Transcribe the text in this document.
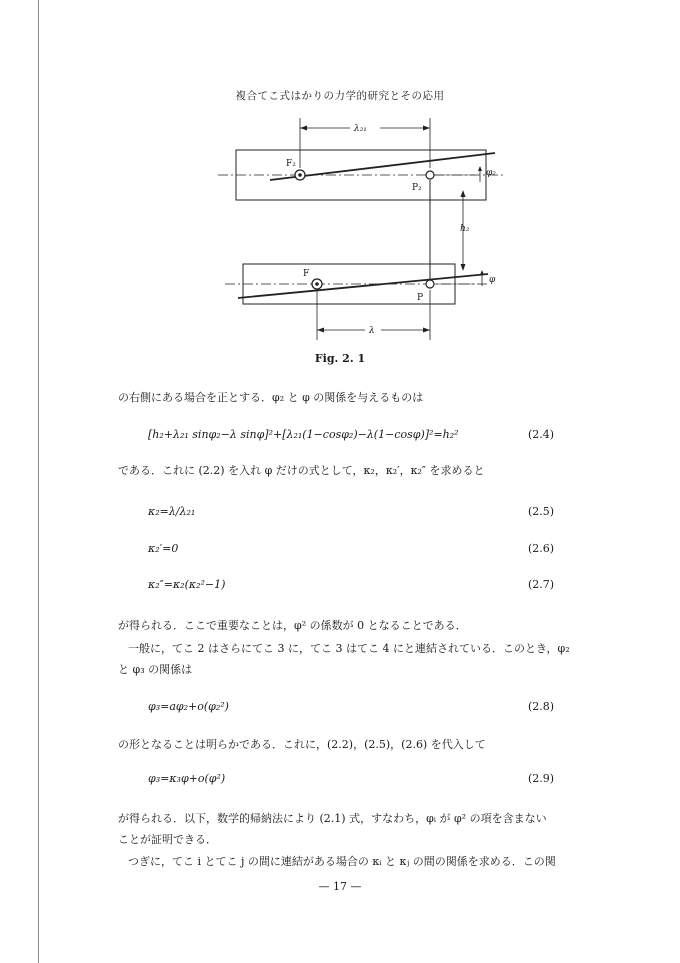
複合てこ式はかりの力学的研究とその応用
λ₂₁
F₂
P₂
φ₂
h₂
F
P
φ
λ
Fig. 2. 1
の右側にある場合を正とする．φ₂ と φ の関係を与えるものは
[h₂+λ₂₁ sinφ₂−λ sinφ]²+[λ₂₁(1−cosφ₂)−λ(1−cosφ)]²=h₂²	(2.4)
である．これに (2.2) を入れ φ だけの式として，κ₂，κ₂′，κ₂″ を求めると
κ₂=λ/λ₂₁	(2.5)
κ₂′=0	(2.6)
κ₂″=κ₂(κ₂²−1)	(2.7)
が得られる．ここで重要なことは，φ² の係数が 0 となることである．
一般に，てこ 2 はさらにてこ 3 に，てこ 3 はてこ 4 にと連結されている．このとき，φ₂
と φ₃ の関係は
φ₃=aφ₂+o(φ₂²)	(2.8)
の形となることは明らかである．これに，(2.2)，(2.5)，(2.6) を代入して
φ₃=κ₃φ+o(φ²)	(2.9)
が得られる．以下，数学的帰納法により (2.1) 式，すなわち，φᵢ が φ² の項を含まない
ことが証明できる．
つぎに，てこ i とてこ j の間に連結がある場合の κᵢ と κⱼ の間の関係を求める．この関
— 17 —
